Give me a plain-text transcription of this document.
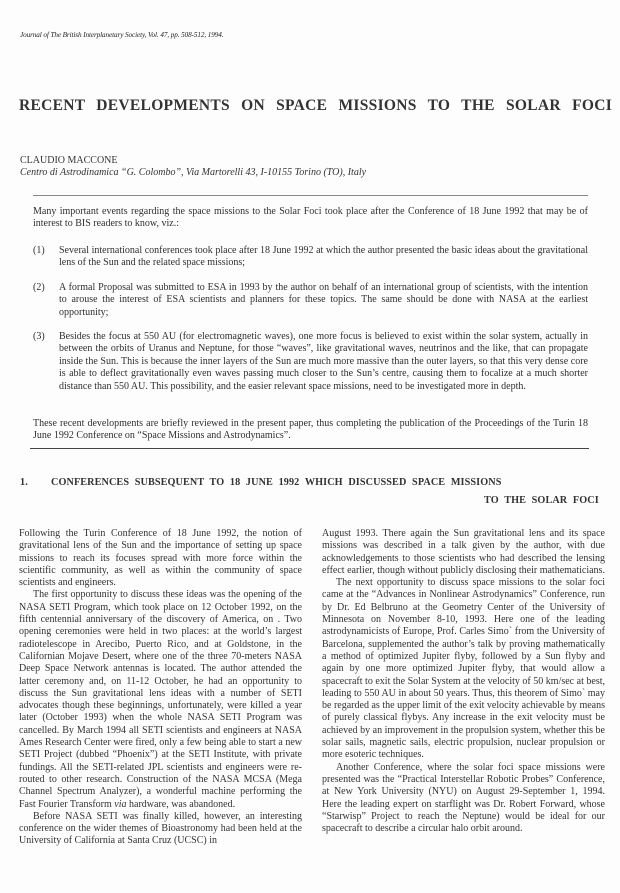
Journal of The British Interplanetary Society, Vol. 47, pp. 508-512, 1994.
RECENT DEVELOPMENTS ON SPACE MISSIONS TO THE SOLAR FOCI
CLAUDIO MACCONE
Centro di Astrodinamica “G. Colombo”, Via Martorelli 43, I-10155 Torino (TO), Italy

Many important events regarding the space missions to the Solar Foci took place after the Conference of 18 June 1992 that may be of interest to BIS readers to know, viz.:

(1)	Several international conferences took place after 18 June 1992 at which the author presented the basic ideas about the gravitational lens of the Sun and the related space missions;
(2)	A formal Proposal was submitted to ESA in 1993 by the author on behalf of an international group of scientists, with the intention to arouse the interest of ESA scientists and planners for these topics. The same should be done with NASA at the earliest opportunity;
(3)	Besides the focus at 550 AU (for electromagnetic waves), one more focus is believed to exist within the solar system, actually in between the orbits of Uranus and Neptune, for those “waves”, like gravitational waves, neutrinos and the like, that can propagate inside the Sun. This is because the inner layers of the Sun are much more massive than the outer layers, so that this very dense core is able to deflect gravitationally even waves passing much closer to the Sun’s centre, causing them to focalize at a much shorter distance than 550 AU. This possibility, and the easier relevant space missions, need to be investigated more in depth.

These recent developments are briefly reviewed in the present paper, thus completing the publication of the Proceedings of the Turin 18 June 1992 Conference on “Space Missions and Astrodynamics”.

1. CONFERENCES SUBSEQUENT TO 18 JUNE 1992 WHICH DISCUSSED SPACE MISSIONS
TO THE SOLAR FOCI

Following the Turin Conference of 18 June 1992, the notion of gravitational lens of the Sun and the importance of setting up space missions to reach its focuses spread with more force within the scientific community, as well as within the community of space scientists and engineers.

The first opportunity to discuss these ideas was the opening of the NASA SETI Program, which took place on 12 October 1992, on the fifth centennial anniversary of the discovery of America, on . Two opening ceremonies were held in two places: at the world’s largest radiotelescope in Arecibo, Puerto Rico, and at Goldstone, in the Californian Mojave Desert, where one of the three 70-meters NASA Deep Space Network antennas is located. The author attended the latter ceremony and, on 11-12 October, he had an opportunity to discuss the Sun gravitational lens ideas with a number of SETI advocates though these beginnings, unfortunately, were killed a year later (October 1993) when the whole NASA SETI Program was cancelled. By March 1994 all SETI scientists and engineers at NASA Ames Research Center were fired, only a few being able to start a new SETI Project (dubbed “Phoenix”) at the SETI Institute, with private fundings. All the SETI-related JPL scientists and engineers were re-routed to other research. Construction of the NASA MCSA (Mega Channel Spectrum Analyzer), a wonderful machine performing the Fast Fourier Transform via hardware, was abandoned.

Before NASA SETI was finally killed, however, an interesting conference on the wider themes of Bioastronomy had been held at the University of California at Santa Cruz (UCSC) in

August 1993. There again the Sun gravitational lens and its space missions was described in a talk given by the author, with due acknowledgements to those scientists who had described the lensing effect earlier, though without publicly disclosing their mathematicians.

The next opportunity to discuss space missions to the solar foci came at the “Advances in Nonlinear Astrodynamics” Conference, run by Dr. Ed Belbruno at the Geometry Center of the University of Minnesota on November 8-10, 1993. Here one of the leading astrodynamicists of Europe, Prof. Carles Simo` from the University of Barcelona, supplemented the author’s talk by proving mathematically a method of optimized Jupiter flyby, followed by a Sun flyby and again by one more optimized Jupiter flyby, that would allow a spacecraft to exit the Solar System at the velocity of 50 km/sec at best, leading to 550 AU in about 50 years. Thus, this theorem of Simo` may be regarded as the upper limit of the exit velocity achievable by means of purely classical flybys. Any increase in the exit velocity must be achieved by an improvement in the propulsion system, whether this be solar sails, magnetic sails, electric propulsion, nuclear propulsion or more esoteric techniques.

Another Conference, where the solar foci space missions were presented was the “Practical Interstellar Robotic Probes” Conference, at New York University (NYU) on August 29-September 1, 1994. Here the leading expert on starflight was Dr. Robert Forward, whose “Starwisp” Project to reach the Neptune) would be ideal for our spacecraft to describe a circular halo orbit around.
